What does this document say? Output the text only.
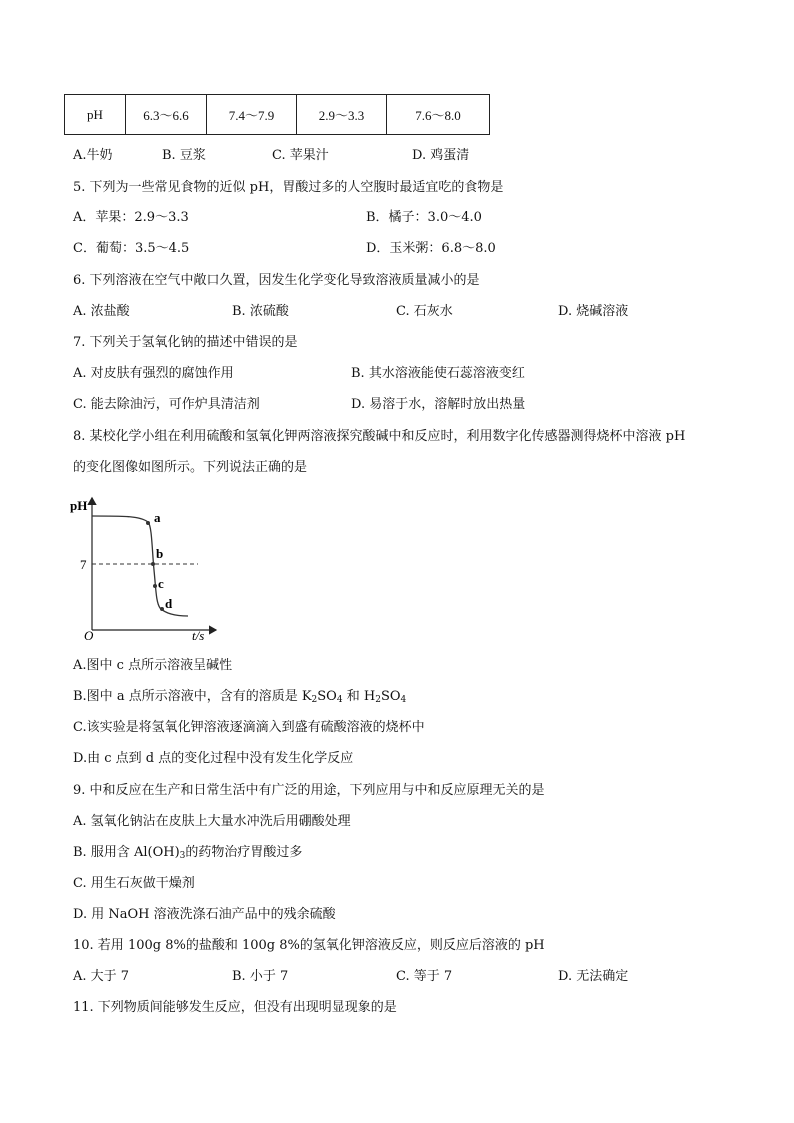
pH	6.3～6.6	7.4～7.9	2.9～3.3	7.6～8.0
A.牛奶	B. 豆浆	C. 苹果汁	D. 鸡蛋清
5. 下列为一些常见食物的近似 pH，胃酸过多的人空腹时最适宜吃的食物是
A．苹果：2.9～3.3	B．橘子：3.0～4.0
C．葡萄：3.5～4.5	D．玉米粥：6.8～8.0
6. 下列溶液在空气中敞口久置，因发生化学变化导致溶液质量减小的是
A. 浓盐酸	B. 浓硫酸	C. 石灰水	D. 烧碱溶液
7. 下列关于氢氧化钠的描述中错误的是
A. 对皮肤有强烈的腐蚀作用	B. 其水溶液能使石蕊溶液变红
C. 能去除油污，可作炉具清洁剂	D. 易溶于水，溶解时放出热量
8. 某校化学小组在利用硫酸和氢氧化钾两溶液探究酸碱中和反应时，利用数字化传感器测得烧杯中溶液 pH
的变化图像如图所示。下列说法正确的是
pH
t/s
O
7
a
b
c
d
A.图中 c 点所示溶液呈碱性
B.图中 a 点所示溶液中，含有的溶质是 $K_2SO_4$ 和 $H_2SO_4$
C.该实验是将氢氧化钾溶液逐滴滴入到盛有硫酸溶液的烧杯中
D.由 c 点到 d 点的变化过程中没有发生化学反应
9. 中和反应在生产和日常生活中有广泛的用途，下列应用与中和反应原理无关的是
A. 氢氧化钠沾在皮肤上大量水冲洗后用硼酸处理
B. 服用含 $Al(OH)_3$的药物治疗胃酸过多
C. 用生石灰做干燥剂
D. 用 NaOH 溶液洗涤石油产品中的残余硫酸
10. 若用 100g 8%的盐酸和 100g 8%的氢氧化钾溶液反应，则反应后溶液的 pH
A. 大于 7	B. 小于 7	C. 等于 7	D. 无法确定
11. 下列物质间能够发生反应，但没有出现明显现象的是
